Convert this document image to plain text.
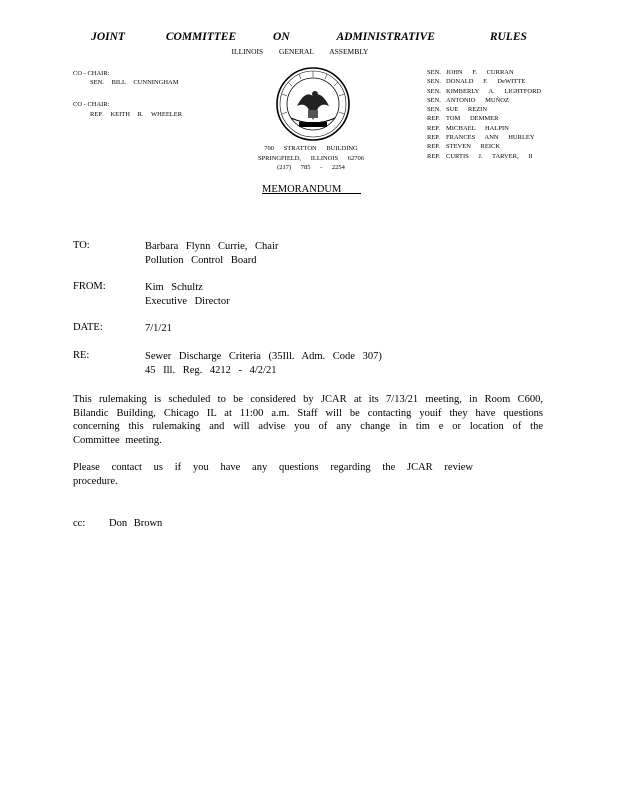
JOINT	COMMITTEE	ON	ADMINISTRATIVE	RULES
ILLINOIS GENERAL ASSEMBLY
CO - CHAIR:
SEN. BILL CUNNINGHAM
CO - CHAIR:
REP. KEITH R. WHEELER
700 STRATTON BUILDING
SPRINGFIELD, ILLINOIS 62706
(217) 785 - 2254
SEN. JOHN F. CURRAN
SEN. DONALD F. DeWITTE
SEN. KIMBERLY A. LIGHTFORD
SEN. ANTONIO MUÑOZ
SEN. SUE REZIN
REP. TOM DEMMER
REP. MICHAEL HALPIN
REP. FRANCES ANN HURLEY
REP. STEVEN REICK
REP. CURTIS J. TARVER, II
MEMORANDUM
TO:	Barbara Flynn Currie, Chair
Pollution Control Board
FROM:	Kim Schultz
Executive Director
DATE:	7/1/21
RE:	Sewer Discharge Criteria (35Ill. Adm. Code 307)
45 Ill. Reg. 4212 - 4/2/21
This rulemaking is scheduled to be considered by JCAR at its 7/13/21 meeting, in Room C600, Bilandic Building, Chicago IL at 11:00 a.m. Staff will be contacting youif they have questions concerning this rulemaking and will advise you of any change in tim e or location of the Committee meeting.
Please contact us if you have any questions regarding the JCAR review procedure.
cc: Don Brown
